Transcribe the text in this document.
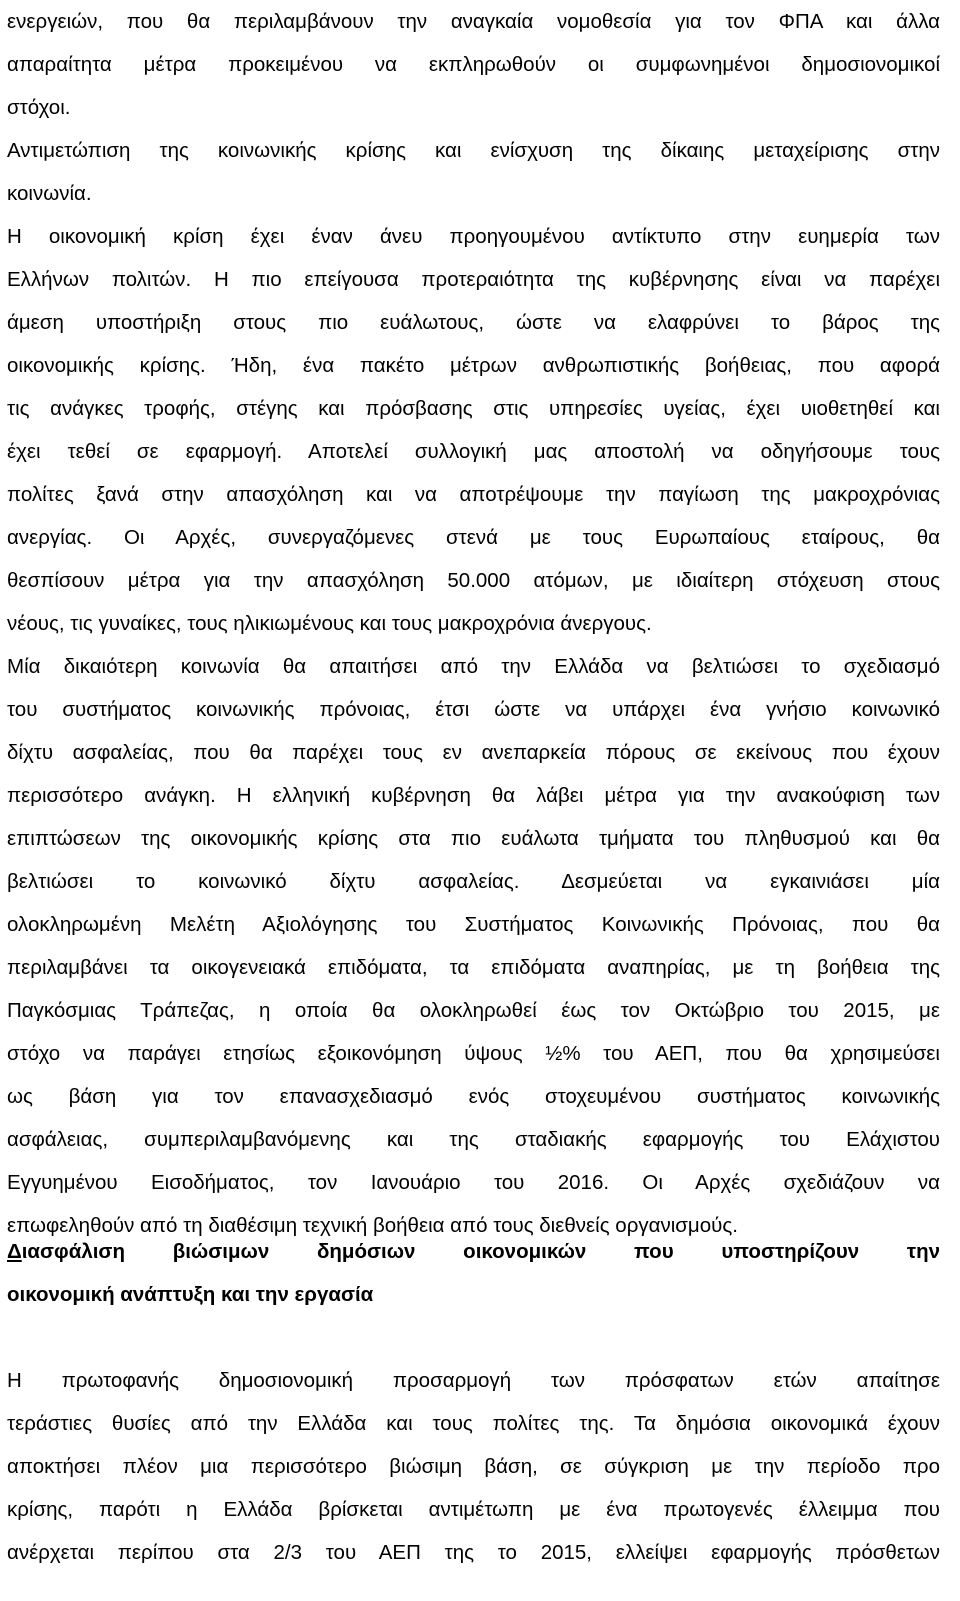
ενεργειών, που θα περιλαμβάνουν την αναγκαία νομοθεσία για τον ΦΠΑ και άλλα
απαραίτητα μέτρα προκειμένου να εκπληρωθούν οι συμφωνημένοι δημοσιονομικοί
στόχοι.
Αντιμετώπιση της κοινωνικής κρίσης και ενίσχυση της δίκαιης μεταχείρισης στην
κοινωνία.
Η οικονομική κρίση έχει έναν άνευ προηγουμένου αντίκτυπο στην ευημερία των
Ελλήνων πολιτών. Η πιο επείγουσα προτεραιότητα της κυβέρνησης είναι να παρέχει
άμεση υποστήριξη στους πιο ευάλωτους, ώστε να ελαφρύνει το βάρος της
οικονομικής κρίσης. Ήδη, ένα πακέτο μέτρων ανθρωπιστικής βοήθειας, που αφορά
τις ανάγκες τροφής, στέγης και πρόσβασης στις υπηρεσίες υγείας, έχει υιοθετηθεί και
έχει τεθεί σε εφαρμογή. Αποτελεί συλλογική μας αποστολή να οδηγήσουμε τους
πολίτες ξανά στην απασχόληση και να αποτρέψουμε την παγίωση της μακροχρόνιας
ανεργίας. Οι Αρχές, συνεργαζόμενες στενά με τους Ευρωπαίους εταίρους, θα
θεσπίσουν μέτρα για την απασχόληση 50.000 ατόμων, με ιδιαίτερη στόχευση στους
νέους, τις γυναίκες, τους ηλικιωμένους και τους μακροχρόνια άνεργους.
Μία δικαιότερη κοινωνία θα απαιτήσει από την Ελλάδα να βελτιώσει το σχεδιασμό
του συστήματος κοινωνικής πρόνοιας, έτσι ώστε να υπάρχει ένα γνήσιο κοινωνικό
δίχτυ ασφαλείας, που θα παρέχει τους εν ανεπαρκεία πόρους σε εκείνους που έχουν
περισσότερο ανάγκη. Η ελληνική κυβέρνηση θα λάβει μέτρα για την ανακούφιση των
επιπτώσεων της οικονομικής κρίσης στα πιο ευάλωτα τμήματα του πληθυσμού και θα
βελτιώσει το κοινωνικό δίχτυ ασφαλείας. Δεσμεύεται να εγκαινιάσει μία
ολοκληρωμένη Μελέτη Αξιολόγησης του Συστήματος Κοινωνικής Πρόνοιας, που θα
περιλαμβάνει τα οικογενειακά επιδόματα, τα επιδόματα αναπηρίας, με τη βοήθεια της
Παγκόσμιας Τράπεζας, η οποία θα ολοκληρωθεί έως τον Οκτώβριο του 2015, με
στόχο να παράγει ετησίως εξοικονόμηση ύψους ½% του ΑΕΠ, που θα χρησιμεύσει
ως βάση για τον επανασχεδιασμό ενός στοχευμένου συστήματος κοινωνικής
ασφάλειας, συμπεριλαμβανόμενης και της σταδιακής εφαρμογής του Ελάχιστου
Εγγυημένου Εισοδήματος, τον Ιανουάριο του 2016. Οι Αρχές σχεδιάζουν να
επωφεληθούν από τη διαθέσιμη τεχνική βοήθεια από τους διεθνείς οργανισμούς.
Διασφάλιση βιώσιμων δημόσιων οικονομικών που υποστηρίζουν την
οικονομική ανάπτυξη και την εργασία
Η πρωτοφανής δημοσιονομική προσαρμογή των πρόσφατων ετών απαίτησε
τεράστιες θυσίες από την Ελλάδα και τους πολίτες της. Τα δημόσια οικονομικά έχουν
αποκτήσει πλέον μια περισσότερο βιώσιμη βάση, σε σύγκριση με την περίοδο προ
κρίσης, παρότι η Ελλάδα βρίσκεται αντιμέτωπη με ένα πρωτογενές έλλειμμα που
ανέρχεται περίπου στα 2/3 του ΑΕΠ της το 2015, ελλείψει εφαρμογής πρόσθετων
